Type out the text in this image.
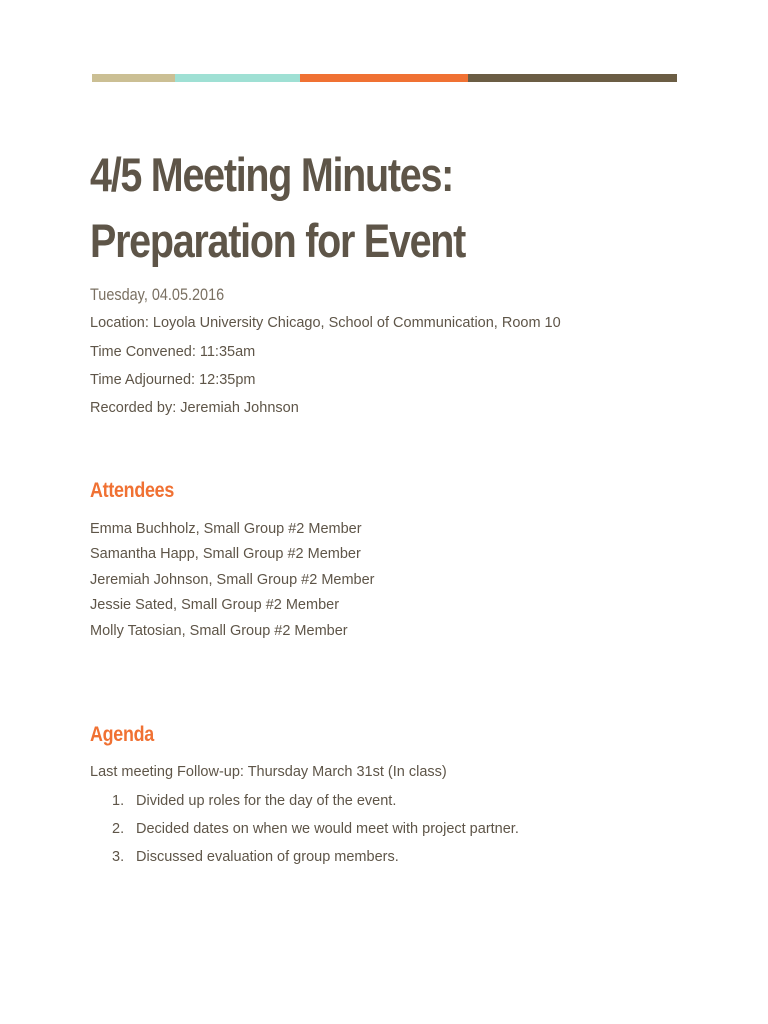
4/5 Meeting Minutes:
Preparation for Event
Tuesday, 04.05.2016
Location: Loyola University Chicago, School of Communication, Room 10
Time Convened: 11:35am
Time Adjourned: 12:35pm
Recorded by: Jeremiah Johnson
Attendees
Emma Buchholz, Small Group #2 Member
Samantha Happ, Small Group #2 Member
Jeremiah Johnson, Small Group #2 Member
Jessie Sated, Small Group #2 Member
Molly Tatosian, Small Group #2 Member
Agenda
Last meeting Follow-up: Thursday March 31st (In class)
1. Divided up roles for the day of the event.
2. Decided dates on when we would meet with project partner.
3. Discussed evaluation of group members.
